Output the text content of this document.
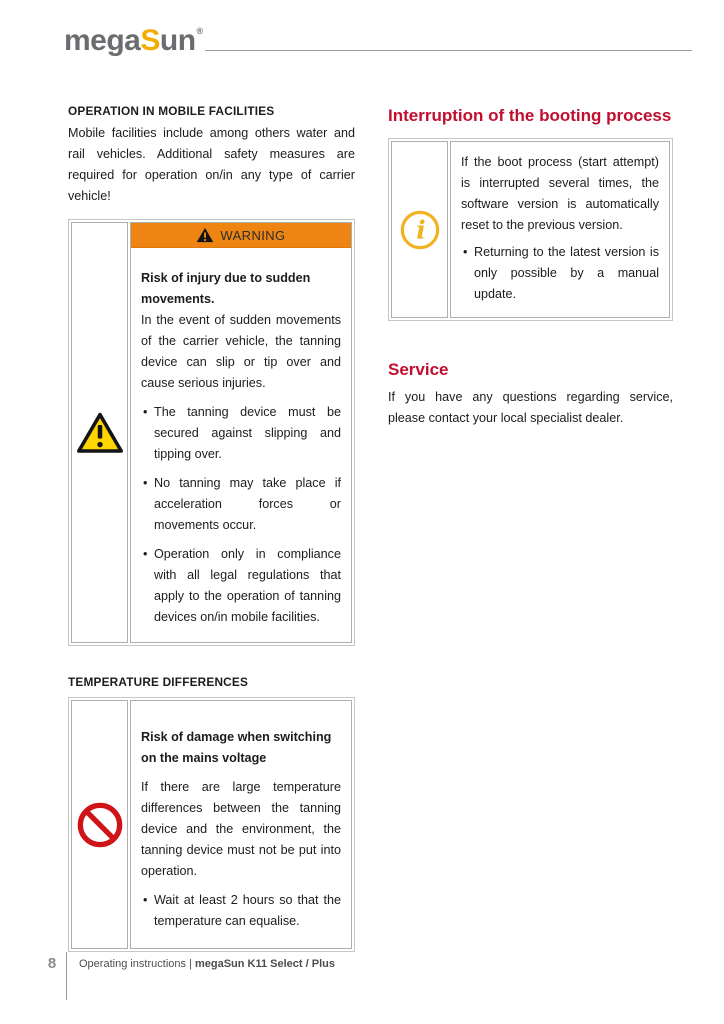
megaSun®
OPERATION IN MOBILE FACILITIES

Mobile facilities include among others water and rail vehicles. Additional safety measures are required for operation on/in any type of carrier vehicle!

WARNING
Risk of injury due to sudden movements.

In the event of sudden movements of the carrier vehicle, the tanning device can slip or tip over and cause serious injuries.

• The tanning device must be secured against slipping and tipping over.
• No tanning may take place if acceleration forces or movements occur.
• Operation only in compliance with all legal regulations that apply to the operation of tanning devices on/in mobile facilities.
TEMPERATURE DIFFERENCES
Risk of damage when switching on the mains voltage

If there are large temperature differences between the tanning device and the environment, the tanning device must not be put into operation.

• Wait at least 2 hours so that the temperature can equalise.
Interruption of the booting process
i

If the boot process (start attempt) is interrupted several times, the software version is automatically reset to the previous version.

• Returning to the latest version is only possible by a manual update.
Service

If you have any questions regarding service, please contact your local specialist dealer.

8	Operating instructions | megaSun K11 Select / Plus
